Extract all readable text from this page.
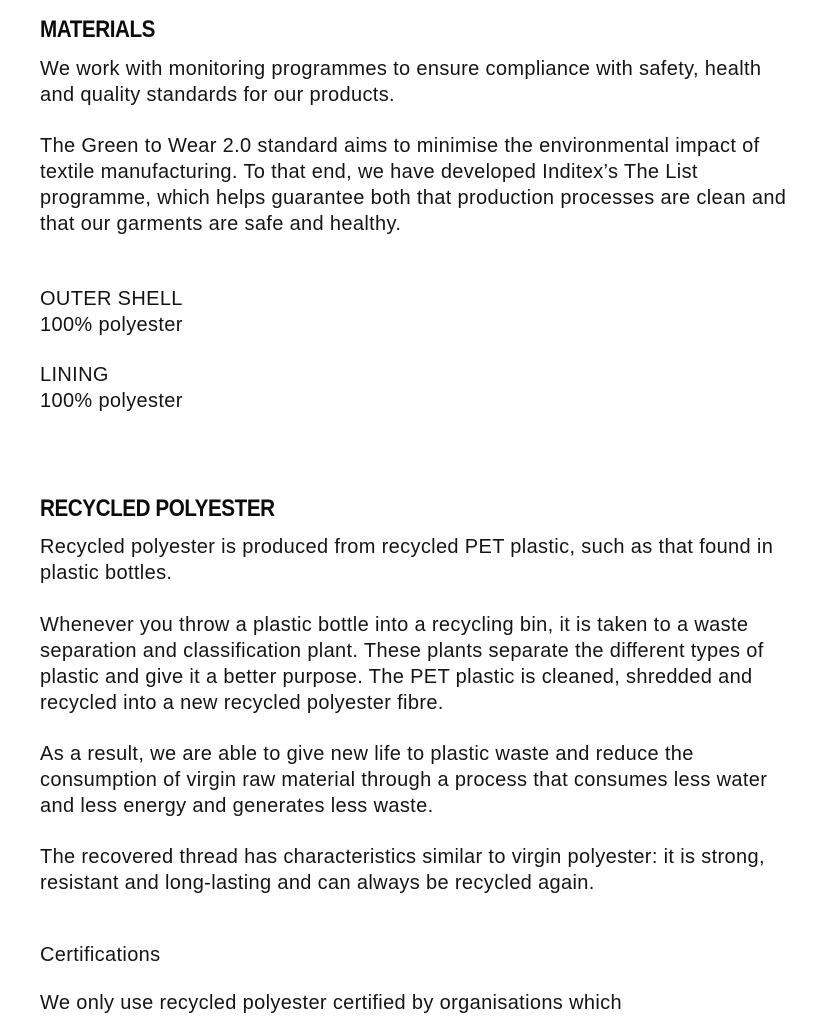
MATERIALS

We work with monitoring programmes to ensure compliance with safety, health and quality standards for our products.

The Green to Wear 2.0 standard aims to minimise the environmental impact of textile manufacturing. To that end, we have developed Inditex’s The List programme, which helps guarantee both that production processes are clean and that our garments are safe and healthy.

OUTER SHELL

100% polyester

LINING

100% polyester

RECYCLED POLYESTER

Recycled polyester is produced from recycled PET plastic, such as that found in plastic bottles.

Whenever you throw a plastic bottle into a recycling bin, it is taken to a waste separation and classification plant. These plants separate the different types of plastic and give it a better purpose. The PET plastic is cleaned, shredded and recycled into a new recycled polyester fibre.

As a result, we are able to give new life to plastic waste and reduce the consumption of virgin raw material through a process that consumes less water and less energy and generates less waste.

The recovered thread has characteristics similar to virgin polyester: it is strong, resistant and long-lasting and can always be recycled again.

Certifications

We only use recycled polyester certified by organisations which
